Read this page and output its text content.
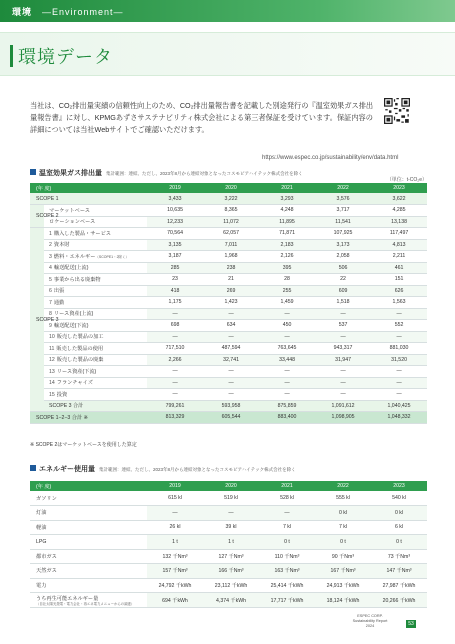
環境 —Environment—
環境データ
当社は、CO₂排出量実績の信頼性向上のため、CO₂排出量報告書を記載した別途発行の『温室効果ガス排出量報告書』に対し、KPMGあずさサステナビリティ株式会社による第三者保証を受けています。保証内容の詳細については当社Webサイトでご確認いただけます。
https://www.espec.co.jp/sustainability/env/data.html
温室効果ガス排出量 集計範囲：連結。ただし、2023年8月から連結対象となったコスモピアハイテック株式会社を除く
（単位：t-CO₂e）
(年 度)		2019	2020	2021	2022	2023
SCOPE 1		3,433	3,222	3,293	3,576	3,622
SCOPE 2	マーケットベース	10,635	8,365	4,248	3,717	4,285
	ロケーションベース	12,233	11,072	11,895	11,541	13,138
SCOPE 3	1 購入した製品・サービス	70,564	62,057	71,871	107,925	117,497
	2 資本財	3,135	7,011	2,183	3,173	4,813
	3 燃料・エネルギー（SCOPE1・2除く）	3,187	1,968	2,126	2,058	2,211
	4 輸送配送(上流)	285	238	395	506	461
	5 事業から出る廃棄物	23	21	28	22	151
	6 出張	418	269	255	609	626
	7 通勤	1,175	1,423	1,459	1,518	1,563
	8 リース資産(上流)	—	—	—	—	—
	9 輸送配送(下流)	698	634	450	537	552
	10 販売した製品の加工	—	—	—	—	—
	11 販売した製品の使用	717,510	487,594	763,645	943,317	881,030
	12 販売した製品の廃棄	2,266	32,741	33,448	31,947	31,520
	13 リース資産(下流)	—	—	—	—	—
	14 フランチャイズ	—	—	—	—	—
	15 投資	—	—	—	—	—
	SCOPE 3 合計	799,261	593,958	875,859	1,091,612	1,040,425
SCOPE 1−2−3 合計 ※		813,329	605,544	883,400	1,098,905	1,048,332
※ SCOPE 2はマーケットベースを使用した算定
エネルギー使用量 集計範囲：連結。ただし、2023年8月から連結対象となったコスモピアハイテック株式会社を除く
(年 度)	2019	2020	2021	2022	2023
ガソリン	615 kl	519 kl	528 kl	555 kl	540 kl
灯油	—	—	—	0 kl	0 kl
軽油	26 kl	39 kl	7 kl	7 kl	6 kl
LPG	1 t	1 t	0 t	0 t	0 t
都市ガス	132 千Nm³	127 千Nm³	110 千Nm³	90 千Nm³	73 千Nm³
天然ガス	157 千Nm³	166 千Nm³	163 千Nm³	167 千Nm³	147 千Nm³
電力	24,792 千kWh	23,112 千kWh	25,414 千kWh	24,913 千kWh	27,987 千kWh
うち再生可能エネルギー量
（自社太陽光発電・電力会社・再エネ電力メニューからの調達）	694 千kWh	4,374 千kWh	17,717 千kWh	18,124 千kWh	20,266 千kWh
ESPEC CORP.
Sustainability Report
2024	53
